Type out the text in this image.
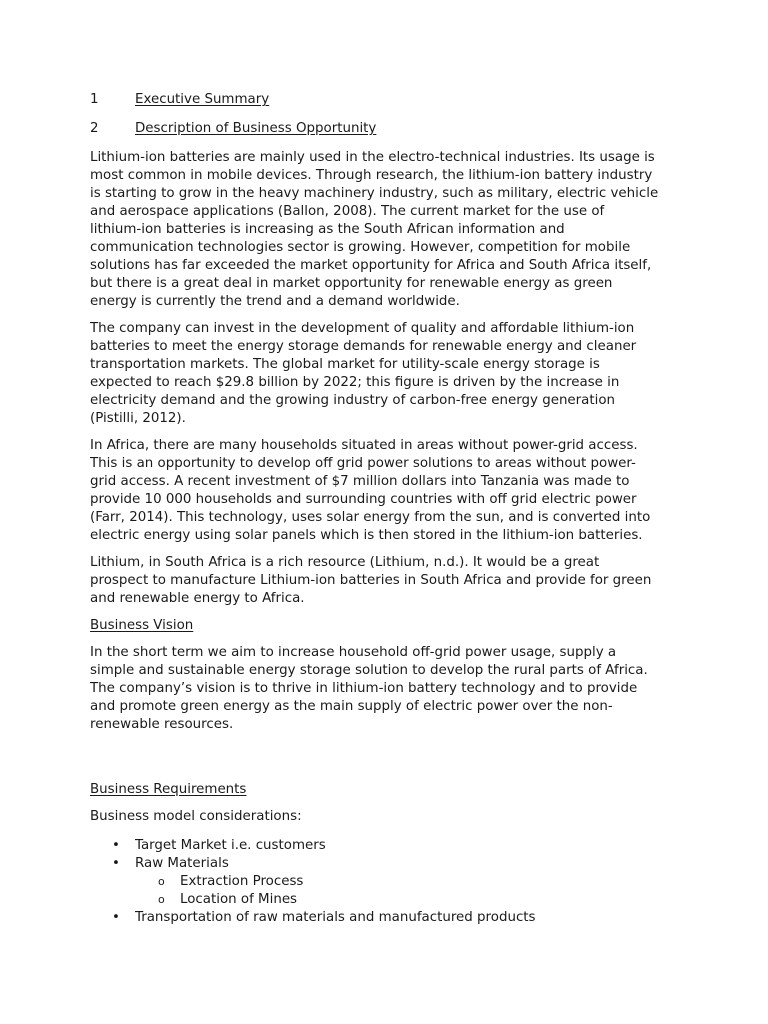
1	Executive Summary
2	Description of Business Opportunity

Lithium-ion batteries are mainly used in the electro-technical industries. Its usage is
most common in mobile devices. Through research, the lithium-ion battery industry
is starting to grow in the heavy machinery industry, such as military, electric vehicle
and aerospace applications (Ballon, 2008). The current market for the use of
lithium-ion batteries is increasing as the South African information and
communication technologies sector is growing. However, competition for mobile
solutions has far exceeded the market opportunity for Africa and South Africa itself,
but there is a great deal in market opportunity for renewable energy as green
energy is currently the trend and a demand worldwide.

The company can invest in the development of quality and affordable lithium-ion
batteries to meet the energy storage demands for renewable energy and cleaner
transportation markets. The global market for utility-scale energy storage is
expected to reach $29.8 billion by 2022; this figure is driven by the increase in
electricity demand and the growing industry of carbon-free energy generation
(Pistilli, 2012).

In Africa, there are many households situated in areas without power-grid access.
This is an opportunity to develop off grid power solutions to areas without power-
grid access. A recent investment of $7 million dollars into Tanzania was made to
provide 10 000 households and surrounding countries with off grid electric power
(Farr, 2014). This technology, uses solar energy from the sun, and is converted into
electric energy using solar panels which is then stored in the lithium-ion batteries.

Lithium, in South Africa is a rich resource (Lithium, n.d.). It would be a great
prospect to manufacture Lithium-ion batteries in South Africa and provide for green
and renewable energy to Africa.

Business Vision

In the short term we aim to increase household off-grid power usage, supply a
simple and sustainable energy storage solution to develop the rural parts of Africa.
The company’s vision is to thrive in lithium-ion battery technology and to provide
and promote green energy as the main supply of electric power over the non-
renewable resources.

Business Requirements

Business model considerations:

• Target Market i.e. customers
• Raw Materials
o Extraction Process
o Location of Mines
• Transportation of raw materials and manufactured products
